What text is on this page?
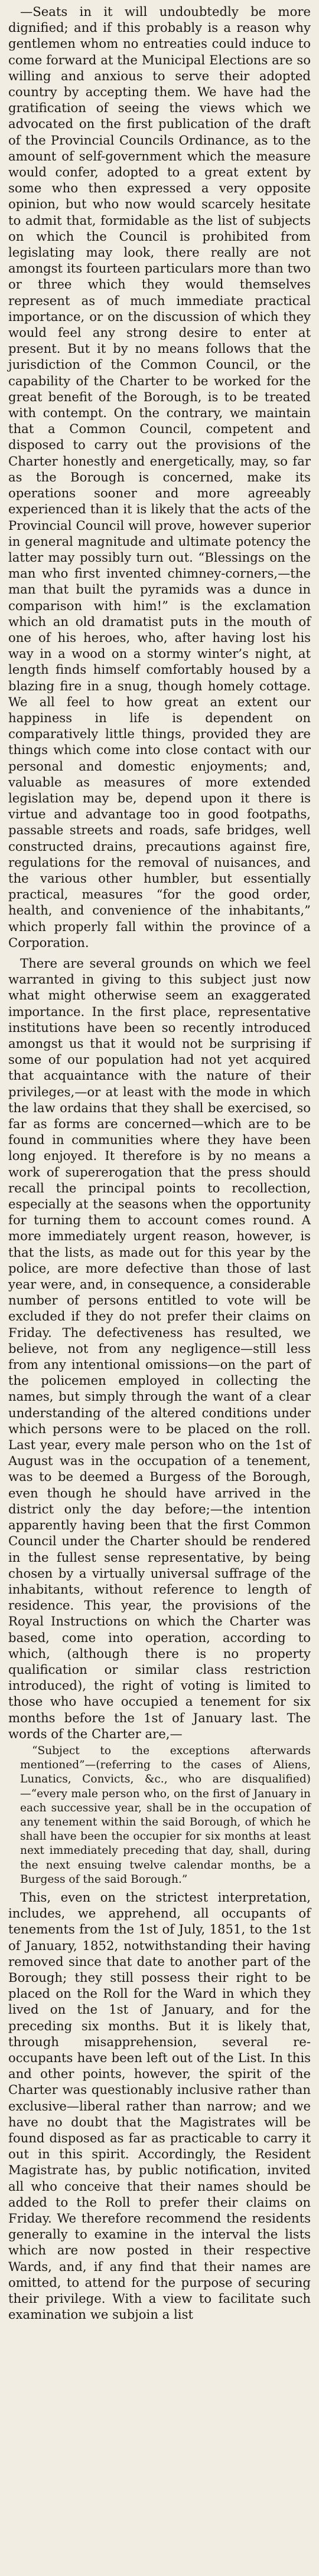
—Seats in it will undoubtedly be more dignified; and if this probably is a reason why gentlemen whom no entreaties could induce to come forward at the Municipal Elections are so willing and anxious to serve their adopted country by accepting them. We have had the gratification of seeing the views which we advocated on the first publication of the draft of the Provincial Councils Ordinance, as to the amount of self-government which the measure would confer, adopted to a great extent by some who then expressed a very opposite opinion, but who now would scarcely hesitate to admit that, formidable as the list of subjects on which the Council is prohibited from legislating may look, there really are not amongst its fourteen particulars more than two or three which they would themselves represent as of much immediate practical importance, or on the discussion of which they would feel any strong desire to enter at present. But it by no means follows that the jurisdiction of the Common Council, or the capability of the Charter to be worked for the great benefit of the Borough, is to be treated with contempt. On the contrary, we maintain that a Common Council, competent and disposed to carry out the provisions of the Charter honestly and energetically, may, so far as the Borough is concerned, make its operations sooner and more agreeably experienced than it is likely that the acts of the Provincial Council will prove, however superior in general magnitude and ultimate potency the latter may possibly turn out. “Blessings on the man who first invented chimney-corners,—the man that built the pyramids was a dunce in comparison with him!” is the exclamation which an old dramatist puts in the mouth of one of his heroes, who, after having lost his way in a wood on a stormy winter’s night, at length finds himself comfortably housed by a blazing fire in a snug, though homely cottage. We all feel to how great an extent our happiness in life is dependent on comparatively little things, provided they are things which come into close contact with our personal and domestic enjoyments; and, valuable as measures of more extended legislation may be, depend upon it there is virtue and advantage too in good footpaths, passable streets and roads, safe bridges, well constructed drains, precautions against fire, regulations for the removal of nuisances, and the various other humbler, but essentially practical, measures “for the good order, health, and convenience of the inhabitants,” which properly fall within the province of a Corporation.

There are several grounds on which we feel warranted in giving to this subject just now what might otherwise seem an exaggerated importance. In the first place, representative institutions have been so recently introduced amongst us that it would not be surprising if some of our population had not yet acquired that acquaintance with the nature of their privileges,—or at least with the mode in which the law ordains that they shall be exercised, so far as forms are concerned—which are to be found in communities where they have been long enjoyed. It therefore is by no means a work of supererogation that the press should recall the principal points to recollection, especially at the seasons when the opportunity for turning them to account comes round. A more immediately urgent reason, however, is that the lists, as made out for this year by the police, are more defective than those of last year were, and, in consequence, a considerable number of persons entitled to vote will be excluded if they do not prefer their claims on Friday. The defectiveness has resulted, we believe, not from any negligence—still less from any intentional omissions—on the part of the policemen employed in collecting the names, but simply through the want of a clear understanding of the altered conditions under which persons were to be placed on the roll. Last year, every male person who on the 1st of August was in the occupation of a tenement, was to be deemed a Burgess of the Borough, even though he should have arrived in the district only the day before;—the intention apparently having been that the first Common Council under the Charter should be rendered in the fullest sense representative, by being chosen by a virtually universal suffrage of the inhabitants, without reference to length of residence. This year, the provisions of the Royal Instructions on which the Charter was based, come into operation, according to which, (although there is no property qualification or similar class restriction introduced), the right of voting is limited to those who have occupied a tenement for six months before the 1st of January last. The words of the Charter are,—

“Subject to the exceptions afterwards mentioned”—(referring to the cases of Aliens, Lunatics, Convicts, &c., who are disqualified)—“every male person who, on the first of January in each successive year, shall be in the occupation of any tenement within the said Borough, of which he shall have been the occupier for six months at least next immediately preceding that day, shall, during the next ensuing twelve calendar months, be a Burgess of the said Borough.”

This, even on the strictest interpretation, includes, we apprehend, all occupants of tenements from the 1st of July, 1851, to the 1st of January, 1852, notwithstanding their having removed since that date to another part of the Borough; they still possess their right to be placed on the Roll for the Ward in which they lived on the 1st of January, and for the preceding six months. But it is likely that, through misapprehension, several re-occupants have been left out of the List. In this and other points, however, the spirit of the Charter was questionably inclusive rather than exclusive—liberal rather than narrow; and we have no doubt that the Magistrates will be found disposed as far as practicable to carry it out in this spirit. Accordingly, the Resident Magistrate has, by public notification, invited all who conceive that their names should be added to the Roll to prefer their claims on Friday. We therefore recommend the residents generally to examine in the interval the lists which are now posted in their respective Wards, and, if any find that their names are omitted, to attend for the purpose of securing their privilege. With a view to facilitate such examination we subjoin a list
